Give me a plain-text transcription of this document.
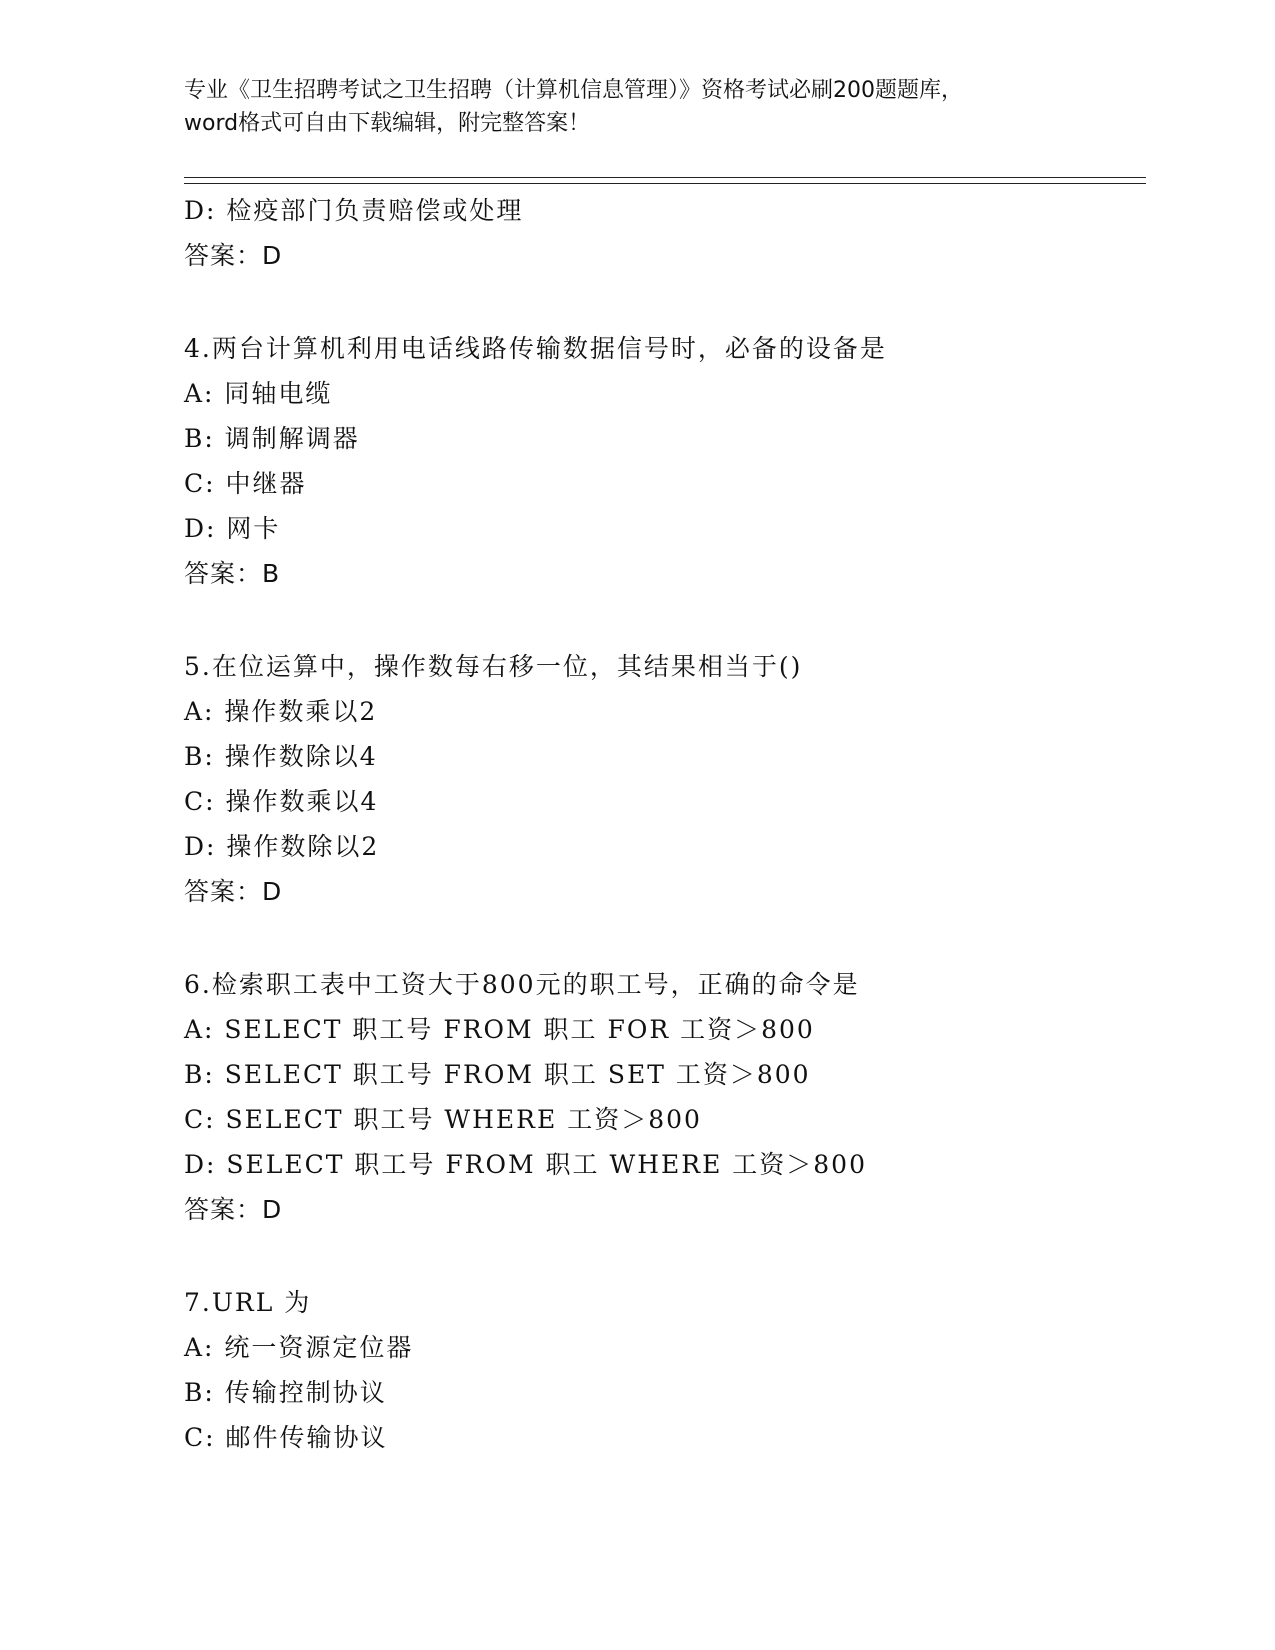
专业《卫生招聘考试之卫生招聘（计算机信息管理）》资格考试必刷200题题库，
word格式可自由下载编辑，附完整答案！
D: 检疫部门负责赔偿或处理
答案：D
4.两台计算机利用电话线路传输数据信号时，必备的设备是
A: 同轴电缆
B: 调制解调器
C: 中继器
D: 网卡
答案：B
5.在位运算中，操作数每右移一位，其结果相当于()
A: 操作数乘以2
B: 操作数除以4
C: 操作数乘以4
D: 操作数除以2
答案：D
6.检索职工表中工资大于800元的职工号，正确的命令是
A: SELECT 职工号 FROM 职工 FOR 工资＞800
B: SELECT 职工号 FROM 职工 SET 工资＞800
C: SELECT 职工号 WHERE 工资＞800
D: SELECT 职工号 FROM 职工 WHERE 工资＞800
答案：D
7.URL 为
A: 统一资源定位器
B: 传输控制协议
C: 邮件传输协议
